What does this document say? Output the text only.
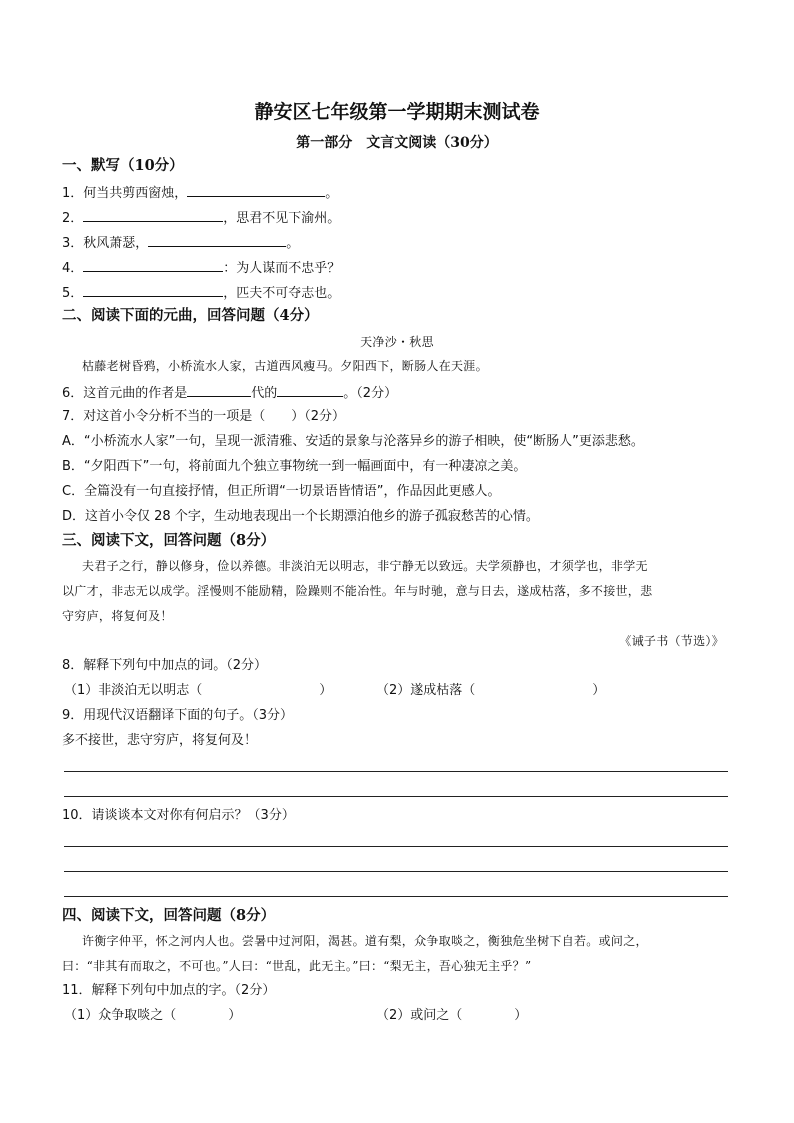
静安区七年级第一学期期末测试卷
第一部分　文言文阅读（30分）
一、默写（10分）
1．何当共剪西窗烛，	。
2．	，思君不见下渝州。
3．秋风萧瑟，	。
4．	：为人谋而不忠乎？
5．	，匹夫不可夺志也。
二、阅读下面的元曲，回答问题（4分）
天净沙・秋思
枯藤老树昏鸦，小桥流水人家，古道西风瘦马。夕阳西下，断肠人在天涯。
6．这首元曲的作者是	代的	。（2分）
7．对这首小令分析不当的一项是（　　）（2分）
A．“小桥流水人家”一句，呈现一派清雅、安适的景象与沦落异乡的游子相映，使“断肠人”更添悲愁。
B．“夕阳西下”一句，将前面九个独立事物统一到一幅画面中，有一种凄凉之美。
C．全篇没有一句直接抒情，但正所谓“一切景语皆情语”，作品因此更感人。
D．这首小令仅 28 个字，生动地表现出一个长期漂泊他乡的游子孤寂愁苦的心情。
三、阅读下文，回答问题（8分）
夫君子之行，静以修身，俭以养德。非淡泊无以明志，非宁静无以致远。夫学须静也，才须学也，非学无
以广才，非志无以成学。淫慢则不能励精，险躁则不能冶性。年与时驰，意与日去，遂成枯落，多不接世，悲
守穷庐，将复何及！
《诫子书（节选）》
8．解释下列句中加点的词。（2分）
（1）非淡泊无以明志（　　　　　　　　　）	（2）遂成枯落（　　　　　　　　　）
9．用现代汉语翻译下面的句子。（3分）
多不接世，悲守穷庐，将复何及！
10．请谈谈本文对你有何启示？（3分）
四、阅读下文，回答问题（8分）
许衡字仲平，怀之河内人也。尝暑中过河阳，渴甚。道有梨，众争取啖之，衡独危坐树下自若。或问之，
曰：“非其有而取之，不可也。”人曰：“世乱，此无主。”曰：“梨无主，吾心独无主乎？”
11．解释下列句中加点的字。（2分）
（1）众争取啖之（　　　　）	（2）或问之（　　　　）
